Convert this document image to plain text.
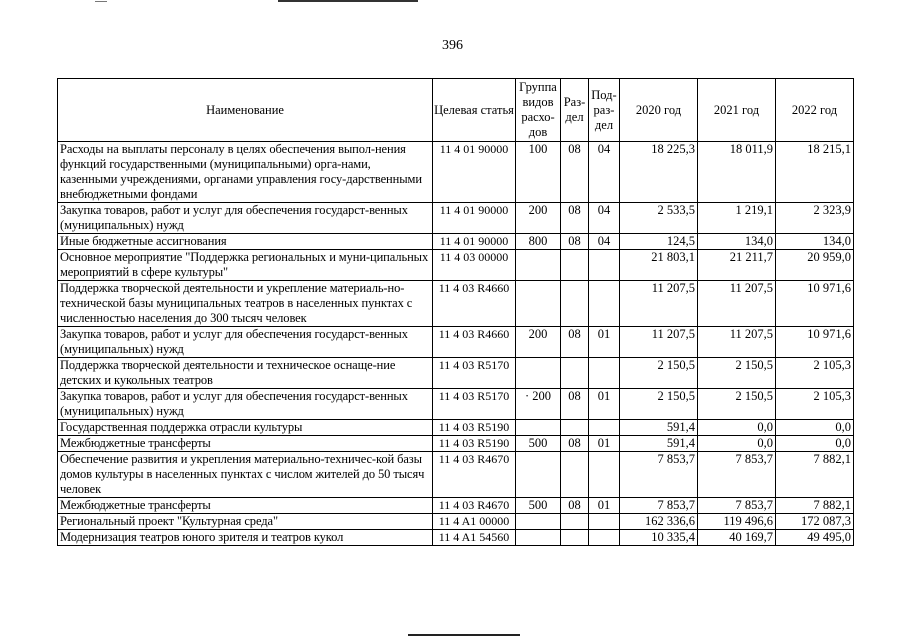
396
Наименование	Целевая статья	Группа видов расхо-дов	Раз-дел	Под-раз-дел	2020 год	2021 год	2022 год
Расходы на выплаты персоналу в целях обеспечения выпол-нения функций государственными (муниципальными) орга-нами, казенными учреждениями, органами управления госу-дарственными внебюджетными фондами	11 4 01 90000	100	08	04	18 225,3	18 011,9	18 215,1
Закупка товаров, работ и услуг для обеспечения государст-венных (муниципальных) нужд	11 4 01 90000	200	08	04	2 533,5	1 219,1	2 323,9
Иные бюджетные ассигнования	11 4 01 90000	800	08	04	124,5	134,0	134,0
Основное мероприятие "Поддержка региональных и муни-ципальных мероприятий в сфере культуры"	11 4 03 00000				21 803,1	21 211,7	20 959,0
Поддержка творческой деятельности и укрепление материаль-но-технической базы муниципальных театров в населенных пунктах с численностью населения до 300 тысяч человек	11 4 03 R4660				11 207,5	11 207,5	10 971,6
Закупка товаров, работ и услуг для обеспечения государст-венных (муниципальных) нужд	11 4 03 R4660	200	08	01	11 207,5	11 207,5	10 971,6
Поддержка творческой деятельности и техническое оснаще-ние детских и кукольных театров	11 4 03 R5170				2 150,5	2 150,5	2 105,3
Закупка товаров, работ и услуг для обеспечения государст-венных (муниципальных) нужд	11 4 03 R5170	· 200	08	01	2 150,5	2 150,5	2 105,3
Государственная поддержка отрасли культуры	11 4 03 R5190				591,4	0,0	0,0
Межбюджетные трансферты	11 4 03 R5190	500	08	01	591,4	0,0	0,0
Обеспечение развития и укрепления материально-техничес-кой базы домов культуры в населенных пунктах с числом жителей до 50 тысяч человек	11 4 03 R4670				7 853,7	7 853,7	7 882,1
Межбюджетные трансферты	11 4 03 R4670	500	08	01	7 853,7	7 853,7	7 882,1
Региональный проект "Культурная среда"	11 4 A1 00000				162 336,6	119 496,6	172 087,3
Модернизация театров юного зрителя и театров кукол	11 4 A1 54560				10 335,4	40 169,7	49 495,0
